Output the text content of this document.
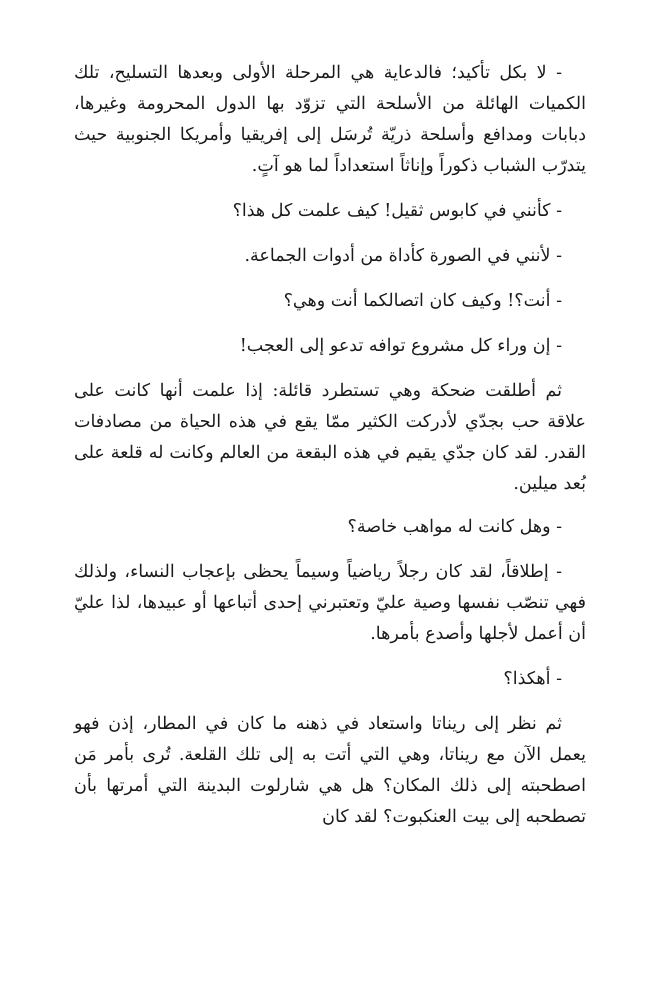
- لا بكل تأكيد؛ فالدعاية هي المرحلة الأولى وبعدها التسليح، تلك الكميات الهائلة من الأسلحة التي تزوّد بها الدول المحرومة وغيرها، دبابات ومدافع وأسلحة ذريّة تُرسَل إلى إفريقيا وأمريكا الجنوبية حيث يتدرّب الشباب ذكوراً وإناثاً استعداداً لما هو آتٍ.

- كأنني في كابوس ثقيل! كيف علمت كل هذا؟

- لأنني في الصورة كأداة من أدوات الجماعة.

- أنت؟! وكيف كان اتصالكما أنت وهي؟

- إن وراء كل مشروع توافه تدعو إلى العجب!

ثم أطلقت ضحكة وهي تستطرد قائلة: إذا علمت أنها كانت على علاقة حب بجدّي لأدركت الكثير ممّا يقع في هذه الحياة من مصادفات القدر. لقد كان جدّي يقيم في هذه البقعة من العالم وكانت له قلعة على بُعد ميلين.

- وهل كانت له مواهب خاصة؟

- إطلاقاً، لقد كان رجلاً رياضياً وسيماً يحظى بإعجاب النساء، ولذلك فهي تنصّب نفسها وصية عليّ وتعتبرني إحدى أتباعها أو عبيدها، لذا عليّ أن أعمل لأجلها وأصدع بأمرها.

- أهكذا؟

ثم نظر إلى ريناتا واستعاد في ذهنه ما كان في المطار، إذن فهو يعمل الآن مع ريناتا، وهي التي أتت به إلى تلك القلعة. تُرى بأمر مَن اصطحبته إلى ذلك المكان؟ هل هي شارلوت البدينة التي أمرتها بأن تصطحبه إلى بيت العنكبوت؟ لقد كان
